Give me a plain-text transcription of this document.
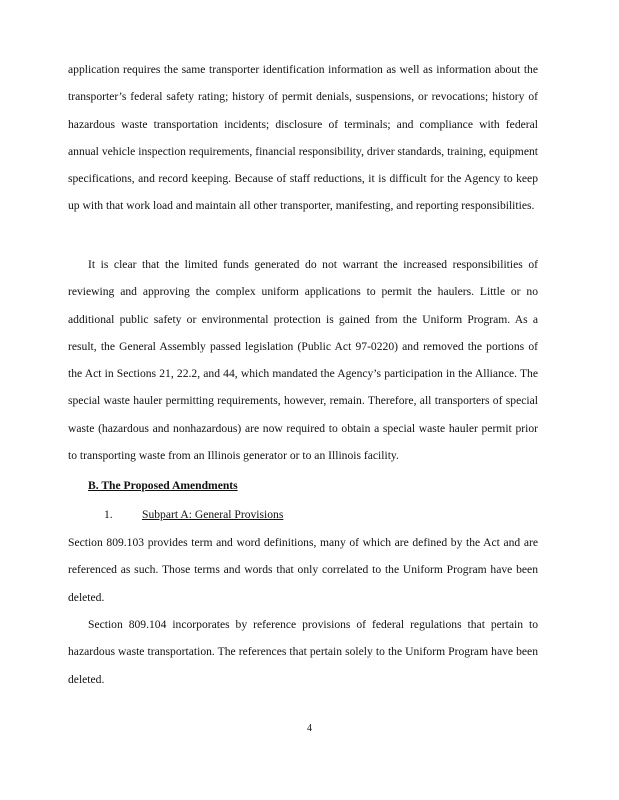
application requires the same transporter identification information as well as information about the transporter’s federal safety rating; history of permit denials, suspensions, or revocations; history of hazardous waste transportation incidents; disclosure of terminals; and compliance with federal annual vehicle inspection requirements, financial responsibility, driver standards, training, equipment specifications, and record keeping. Because of staff reductions, it is difficult for the Agency to keep up with that work load and maintain all other transporter, manifesting, and reporting responsibilities.

It is clear that the limited funds generated do not warrant the increased responsibilities of reviewing and approving the complex uniform applications to permit the haulers. Little or no additional public safety or environmental protection is gained from the Uniform Program. As a result, the General Assembly passed legislation (Public Act 97-0220) and removed the portions of the Act in Sections 21, 22.2, and 44, which mandated the Agency’s participation in the Alliance. The special waste hauler permitting requirements, however, remain. Therefore, all transporters of special waste (hazardous and nonhazardous) are now required to obtain a special waste hauler permit prior to transporting waste from an Illinois generator or to an Illinois facility.

B. The Proposed Amendments

1.	Subpart A: General Provisions

Section 809.103 provides term and word definitions, many of which are defined by the Act and are referenced as such. Those terms and words that only correlated to the Uniform Program have been deleted.

Section 809.104 incorporates by reference provisions of federal regulations that pertain to hazardous waste transportation. The references that pertain solely to the Uniform Program have been deleted.

4
